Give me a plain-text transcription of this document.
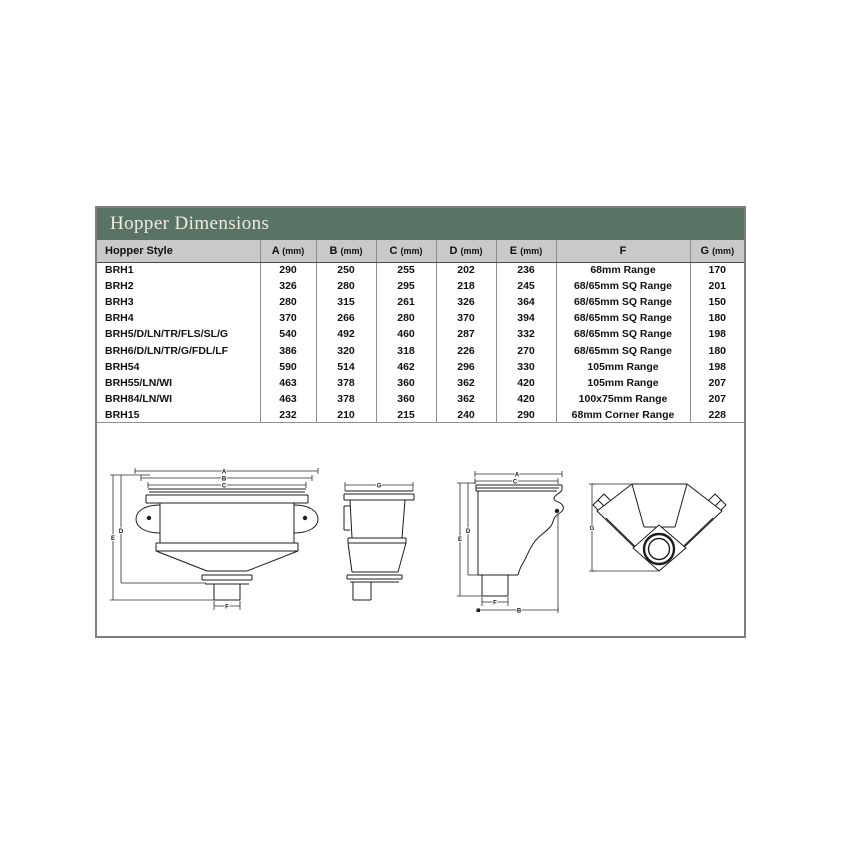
Hopper Dimensions
Hopper Style	A (mm)	B (mm)	C (mm)	D (mm)	E (mm)	F	G (mm)
BRH1	290	250	255	202	236	68mm Range	170
BRH2	326	280	295	218	245	68/65mm SQ Range	201
BRH3	280	315	261	326	364	68/65mm SQ Range	150
BRH4	370	266	280	370	394	68/65mm SQ Range	180
BRH5/D/LN/TR/FLS/SL/G	540	492	460	287	332	68/65mm SQ Range	198
BRH6/D/LN/TR/G/FDL/LF	386	320	318	226	270	68/65mm SQ Range	180
BRH54	590	514	462	296	330	105mm Range	198
BRH55/LN/WI	463	378	360	362	420	105mm Range	207
BRH84/LN/WI	463	378	360	362	420	100x75mm Range	207
BRH15	232	210	215	240	290	68mm Corner Range	228
A
B
C
E
D
F
G
A
C
E
D
F
B
G
